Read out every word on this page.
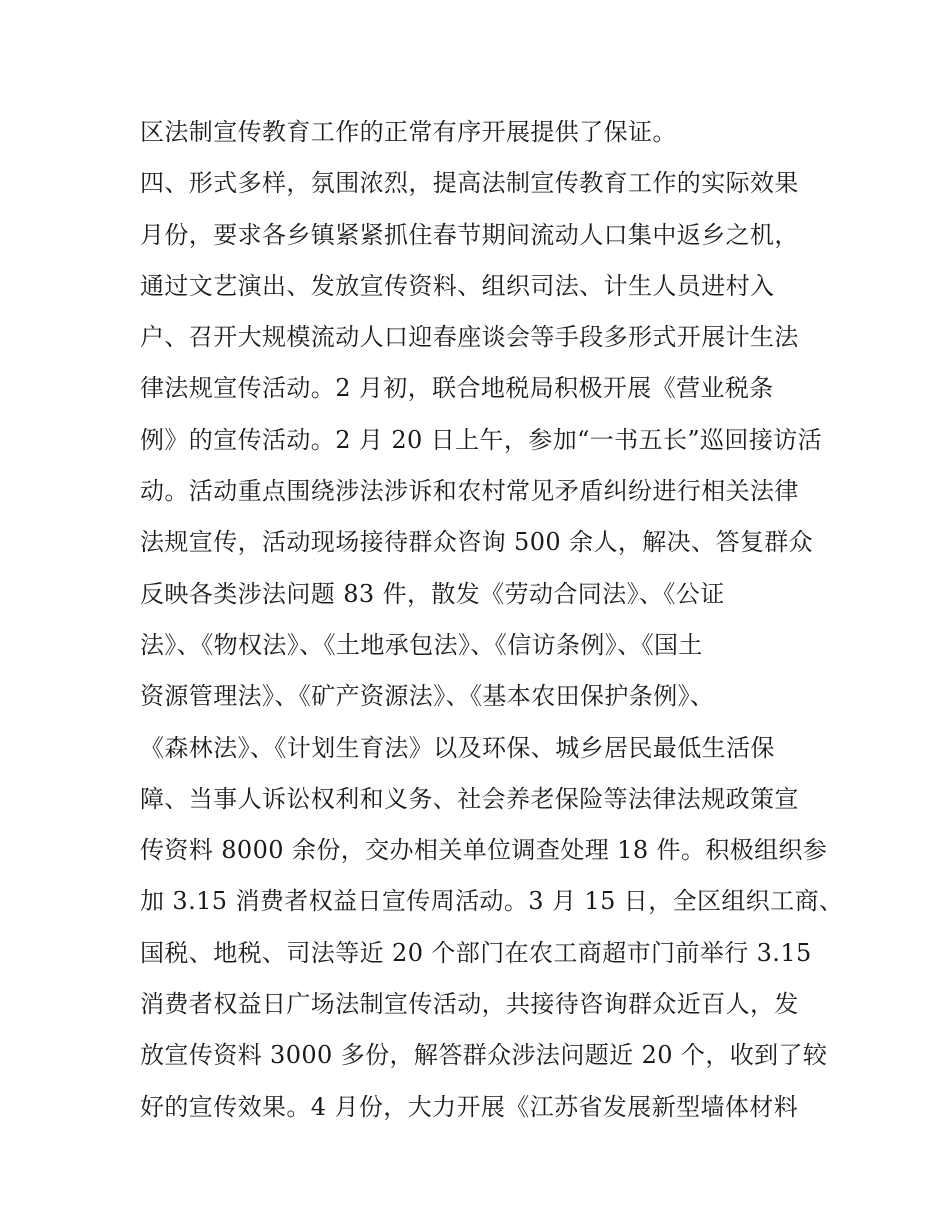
区法制宣传教育工作的正常有序开展提供了保证。
四、形式多样，氛围浓烈，提高法制宣传教育工作的实际效果
月份，要求各乡镇紧紧抓住春节期间流动人口集中返乡之机，
通过文艺演出、发放宣传资料、组织司法、计生人员进村入
户、召开大规模流动人口迎春座谈会等手段多形式开展计生法
律法规宣传活动。2 月初，联合地税局积极开展《营业税条
例》的宣传活动。2 月 20 日上午，参加“一书五长”巡回接访活
动。活动重点围绕涉法涉诉和农村常见矛盾纠纷进行相关法律
法规宣传，活动现场接待群众咨询 500 余人，解决、答复群众
反映各类涉法问题 83 件，散发《劳动合同法》、《公证
法》、《物权法》、《土地承包法》、《信访条例》、《国土
资源管理法》、《矿产资源法》、《基本农田保护条例》、
《森林法》、《计划生育法》以及环保、城乡居民最低生活保
障、当事人诉讼权利和义务、社会养老保险等法律法规政策宣
传资料 8000 余份，交办相关单位调查处理 18 件。积极组织参
加 3.15 消费者权益日宣传周活动。3 月 15 日，全区组织工商、
国税、地税、司法等近 20 个部门在农工商超市门前举行 3.15
消费者权益日广场法制宣传活动，共接待咨询群众近百人，发
放宣传资料 3000 多份，解答群众涉法问题近 20 个，收到了较
好的宣传效果。4 月份，大力开展《江苏省发展新型墙体材料
